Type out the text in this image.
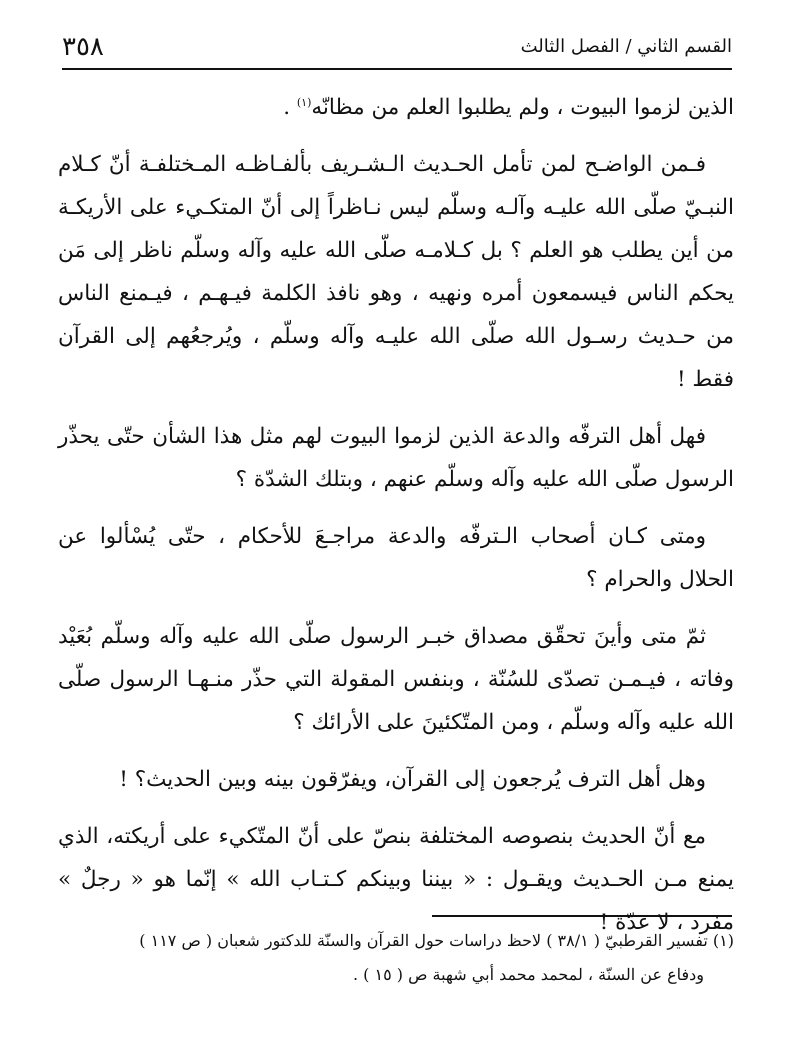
٣٥٨	القسم الثاني / الفصل الثالث

الذين لزموا البيوت ، ولم يطلبوا العلم من مظانّه$^{(١)}$ .

فـمن الواضـح لمن تأمل الحـديث الـشـريف بألفـاظـه المـختلفـة أنّ كـلام النبـيّ صلّى الله عليـه وآلـه وسلّم ليس نـاظراً إلى أنّ المتكـيء على الأريكـة من أين يطلب هو العلم ؟ بل كـلامـه صلّى الله عليه وآله وسلّم ناظر إلى مَن يحكم الناس فيسمعون أمره ونهيه ، وهو نافذ الكلمة فيـهـم ، فيـمنع الناس من حـديث رسـول الله صلّى الله عليـه وآله وسلّم ، ويُرجعُهم إلى القرآن فقط !

فهل أهل الترفّه والدعة الذين لزموا البيوت لهم مثل هذا الشأن حتّى يحذّر الرسول صلّى الله عليه وآله وسلّم عنهم ، وبتلك الشدّة ؟

ومتى كـان أصحاب الـترفّه والدعة مراجـعَ للأحكام ، حتّى يُسْألوا عن الحلال والحرام ؟

ثمّ متى وأينَ تحقّق مصداق خبـر الرسول صلّى الله عليه وآله وسلّم بُعَيْد وفاته ، فيـمـن تصدّى للسُنّة ، وبنفس المقولة التي حذّر منـهـا الرسول صلّى الله عليه وآله وسلّم ، ومن المتّكئينَ على الأرائك ؟

وهل أهل الترف يُرجعون إلى القرآن، ويفرّقون بينه وبين الحديث؟ !

مع أنّ الحديث بنصوصه المختلفة بنصّ على أنّ المتّكيء على أريكته، الذي يمنع مـن الحـديث ويقـول : « بيننا وبينكم كـتـاب الله » إنّما هو « رجلٌ » مفرد ، لا عدّة !

(١) تفسير القرطبيّ ( ٣٨/١ ) لاحظ دراسات حول القرآن والسنّة للدكتور شعبان ( ص ١١٧ )

ودفاع عن السنّة ، لمحمد محمد أبي شهبة ص ( ١٥ ) .
